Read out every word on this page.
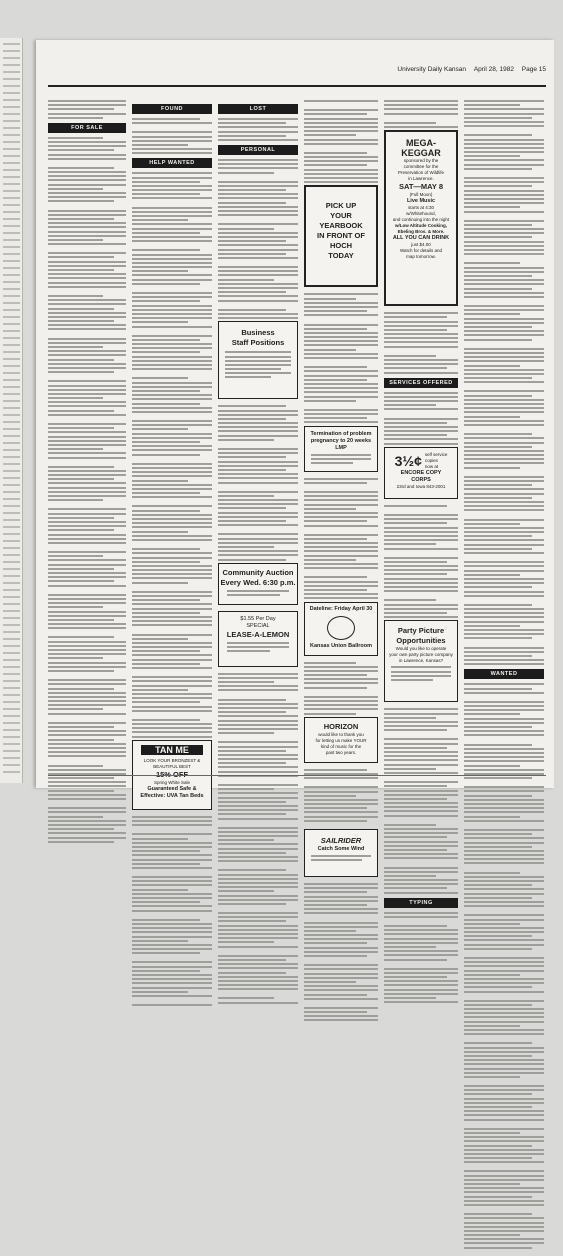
University Daily Kansan April 28, 1982 Page 15
FOR SALE
FOUND
HELP WANTED
TAN ME
LOOK YOUR BRONZEST &
BEAUTIFUL BEST
Spring White Sale
Guaranteed Safe &
Effective: UVA Tan Beds
LOST
PERSONAL
Business
Staff Positions
Community Auction
Every Wed. 6:30 p.m.
$1.55 Per Day
SPECIAL
LEASE-A-LEMON
PICK UP
YOUR
YEARBOOK
IN FRONT OF
HOCH
TODAY
Termination of problem
pregnancy to 20 weeks LMP
Dateline: Friday April 30
Kansas Union Ballroom
HORIZON
would like to thank you
for letting us make YOUR
kind of music for the
past two years.
SAILRIDER
Catch Some Wind
MEGA-
KEGGAR
sponsored by the
committee for the
Preservation of Wildlife
in Lawrence.
SAT—MAY 8
(Full Moon)
Live Music
starts at 4:30
w/Whitehound,
and continuing into the night
w/Low Altitude Cooking,
Ebeling Bros. & More.
ALL YOU CAN DRINK
just $4.00
Watch for details and
map tomorrow.
SERVICES OFFERED
3½¢ self service
copies
now at
ENCORE COPY
CORPS
23rd and Iowa 843-2001
Party Picture
Opportunities
Would you like to operate
your own party picture company
in Lawrence, Kansas?
TYPING
WANTED
